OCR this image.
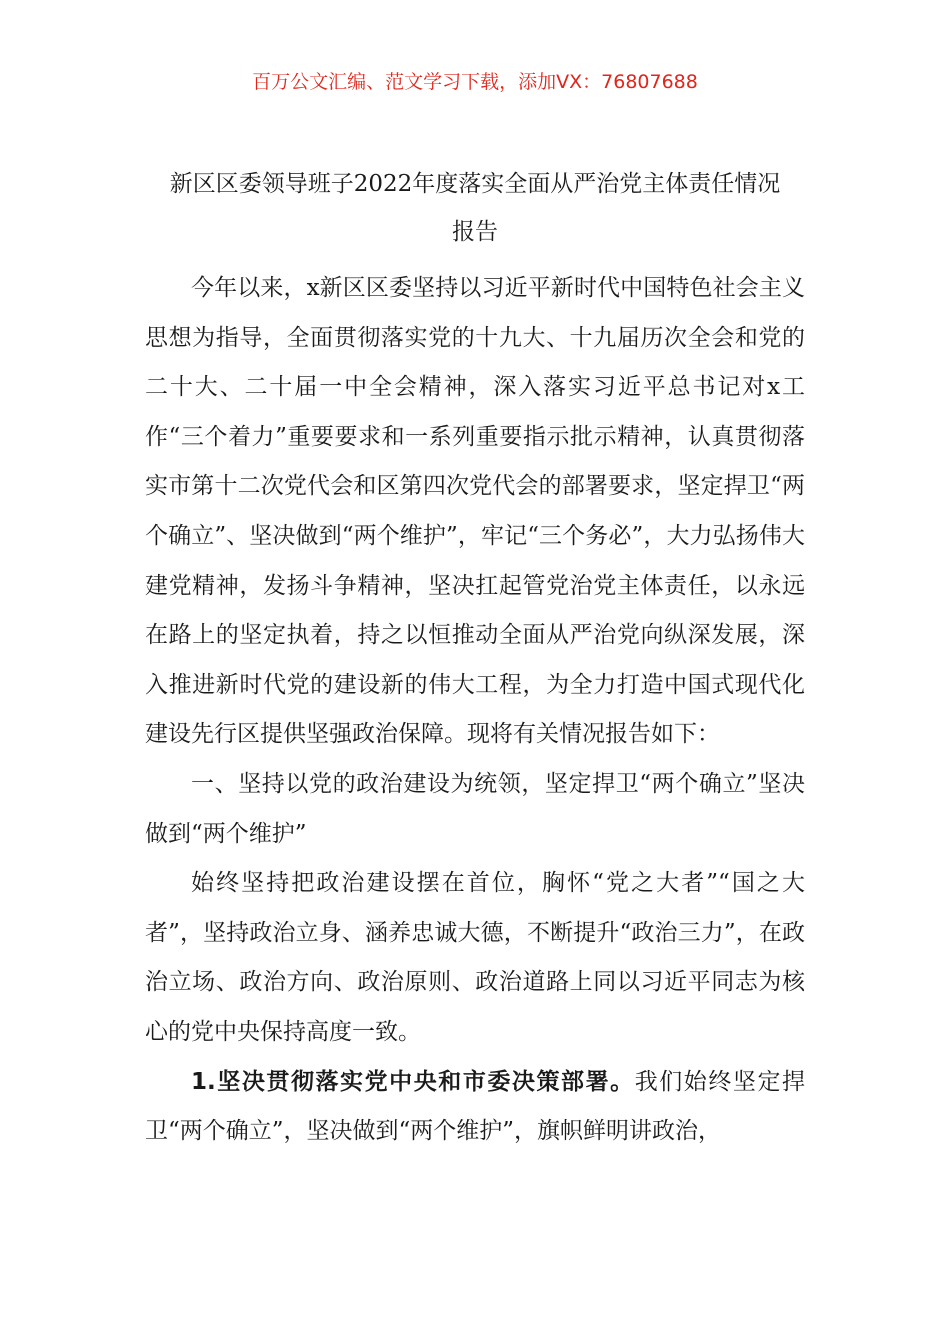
百万公文汇编、范文学习下载，添加VX：76807688
新区区委领导班子2022年度落实全面从严治党主体责任情况
报告

今年以来，x新区区委坚持以习近平新时代中国特色社会主义思想为指导，全面贯彻落实党的十九大、十九届历次全会和党的二十大、二十届一中全会精神，深入落实习近平总书记对x工作“三个着力”重要要求和一系列重要指示批示精神，认真贯彻落实市第十二次党代会和区第四次党代会的部署要求，坚定捍卫“两个确立”、坚决做到“两个维护”，牢记“三个务必”，大力弘扬伟大建党精神，发扬斗争精神，坚决扛起管党治党主体责任，以永远在路上的坚定执着，持之以恒推动全面从严治党向纵深发展，深入推进新时代党的建设新的伟大工程，为全力打造中国式现代化建设先行区提供坚强政治保障。现将有关情况报告如下：

一、坚持以党的政治建设为统领，坚定捍卫“两个确立”坚决做到“两个维护”

始终坚持把政治建设摆在首位，胸怀“党之大者”“国之大者”，坚持政治立身、涵养忠诚大德，不断提升“政治三力”，在政治立场、政治方向、政治原则、政治道路上同以习近平同志为核心的党中央保持高度一致。

1.坚决贯彻落实党中央和市委决策部署。我们始终坚定捍卫“两个确立”，坚决做到“两个维护”，旗帜鲜明讲政治，
